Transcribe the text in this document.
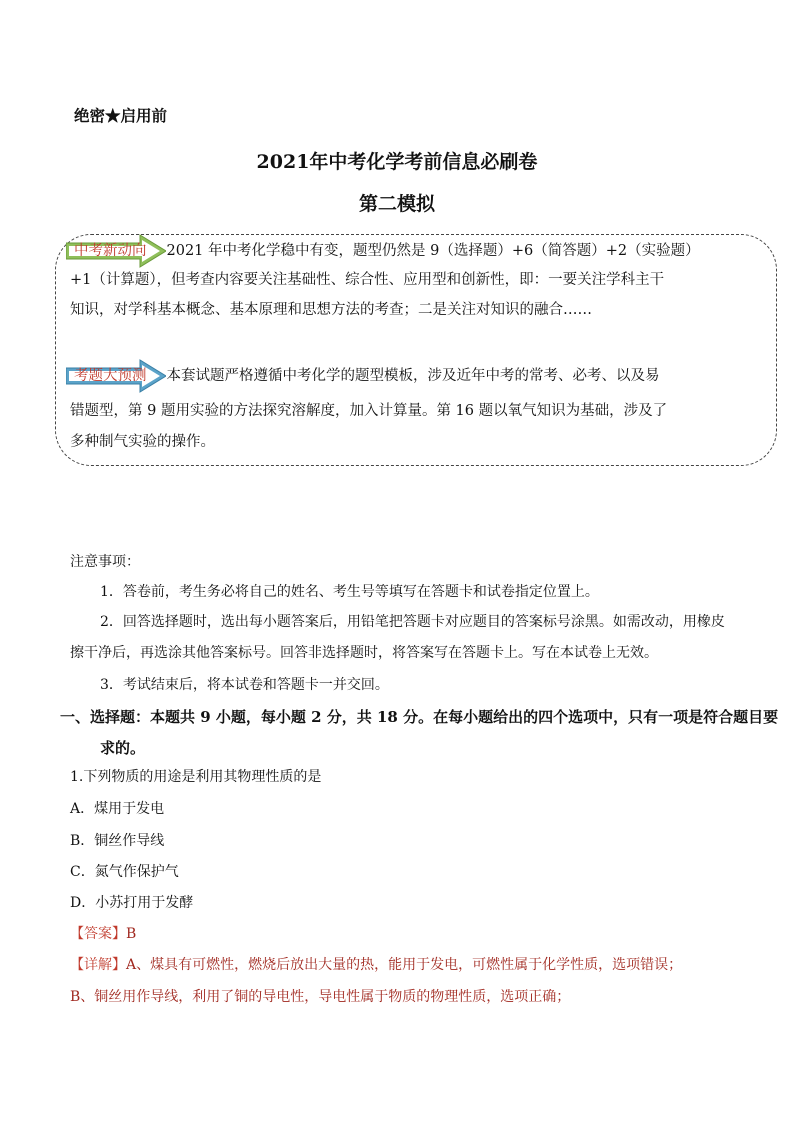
绝密★启用前
2021年中考化学考前信息必刷卷
第二模拟
中考新动向 2021 年中考化学稳中有变，题型仍然是 9（选择题）+6（简答题）+2（实验题）
+1（计算题），但考查内容要关注基础性、综合性、应用型和创新性，即：一要关注学科主干
知识，对学科基本概念、基本原理和思想方法的考查；二是关注对知识的融合……
考题大预测 本套试题严格遵循中考化学的题型模板，涉及近年中考的常考、必考、以及易
错题型，第 9 题用实验的方法探究溶解度，加入计算量。第 16 题以氧气知识为基础，涉及了
多种制气实验的操作。
注意事项：
1．答卷前，考生务必将自己的姓名、考生号等填写在答题卡和试卷指定位置上。
2．回答选择题时，选出每小题答案后，用铅笔把答题卡对应题目的答案标号涂黑。如需改动，用橡皮
擦干净后，再选涂其他答案标号。回答非选择题时，将答案写在答题卡上。写在本试卷上无效。
3．考试结束后，将本试卷和答题卡一并交回。
一、选择题：本题共 9 小题，每小题 2 分，共 18 分。在每小题给出的四个选项中，只有一项是符合题目要
求的。
1.下列物质的用途是利用其物理性质的是
A．煤用于发电
B．铜丝作导线
C．氮气作保护气
D．小苏打用于发酵
【答案】B
【详解】A、煤具有可燃性，燃烧后放出大量的热，能用于发电，可燃性属于化学性质，选项错误；
B、铜丝用作导线，利用了铜的导电性，导电性属于物质的物理性质，选项正确；
